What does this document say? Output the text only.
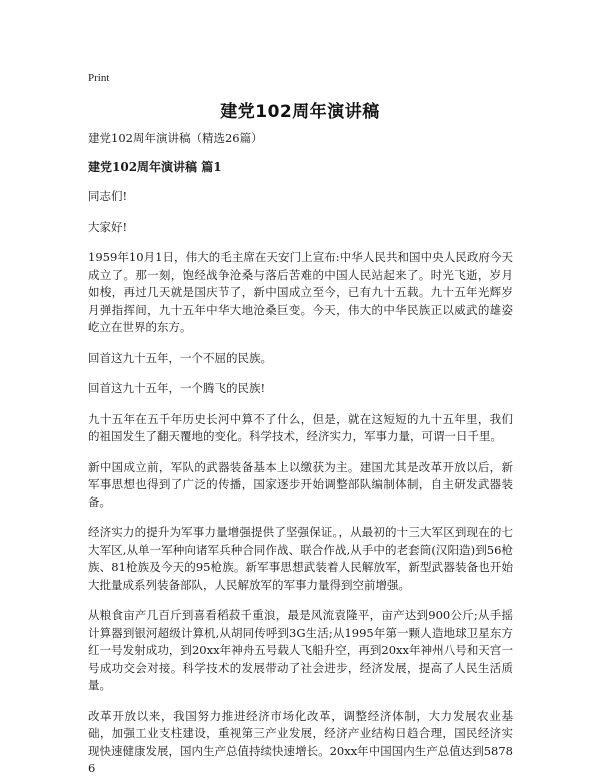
Print
建党102周年演讲稿

建党102周年演讲稿（精选26篇）

建党102周年演讲稿 篇1

同志们!

大家好!

1959年10月1日，伟大的毛主席在天安门上宣布:中华人民共和国中央人民政府今天成立了。那一刻，饱经战争沧桑与落后苦难的中国人民站起来了。时光飞逝，岁月如梭，再过几天就是国庆节了，新中国成立至今，已有九十五载。九十五年光辉岁月弹指挥间，九十五年中华大地沧桑巨变。今天，伟大的中华民族正以威武的雄姿屹立在世界的东方。

回首这九十五年，一个不屈的民族。

回首这九十五年，一个腾飞的民族!

九十五年在五千年历史长河中算不了什么，但是，就在这短短的九十五年里，我们的祖国发生了翻天覆地的变化。科学技术，经济实力，军事力量，可谓一日千里。

新中国成立前，军队的武器装备基本上以缴获为主。建国尤其是改革开放以后，新军事思想也得到了广泛的传播，国家逐步开始调整部队编制体制，自主研发武器装备。

经济实力的提升为军事力量增强提供了坚强保证。，从最初的十三大军区到现在的七大军区,从单一军种向诸军兵种合同作战、联合作战,从手中的老套筒(汉阳造)到56枪族、81枪族及今天的95枪族。新军事思想武装着人民解放军，新型武器装备也开始大批量成系列装备部队，人民解放军的军事力量得到空前增强。

从粮食亩产几百斤到喜看稻菽千重浪，最是风流袁隆平，亩产达到900公斤;从手摇计算器到银河超级计算机,从胡同传呼到3G生活;从1995年第一颗人造地球卫星东方红一号发射成功，到20xx年神舟五号载人飞船升空，再到20xx年神州八号和天宫一号成功交会对接。科学技术的发展带动了社会进步，经济发展，提高了人民生活质量。

改革开放以来，我国努力推进经济市场化改革，调整经济体制，大力发展农业基础，加强工业支柱建设，重视第三产业发展，经济产业结构日趋合理，国民经济实现快速健康发展，国内生产总值持续快速增长。20xx年中国国内生产总值达到58786
